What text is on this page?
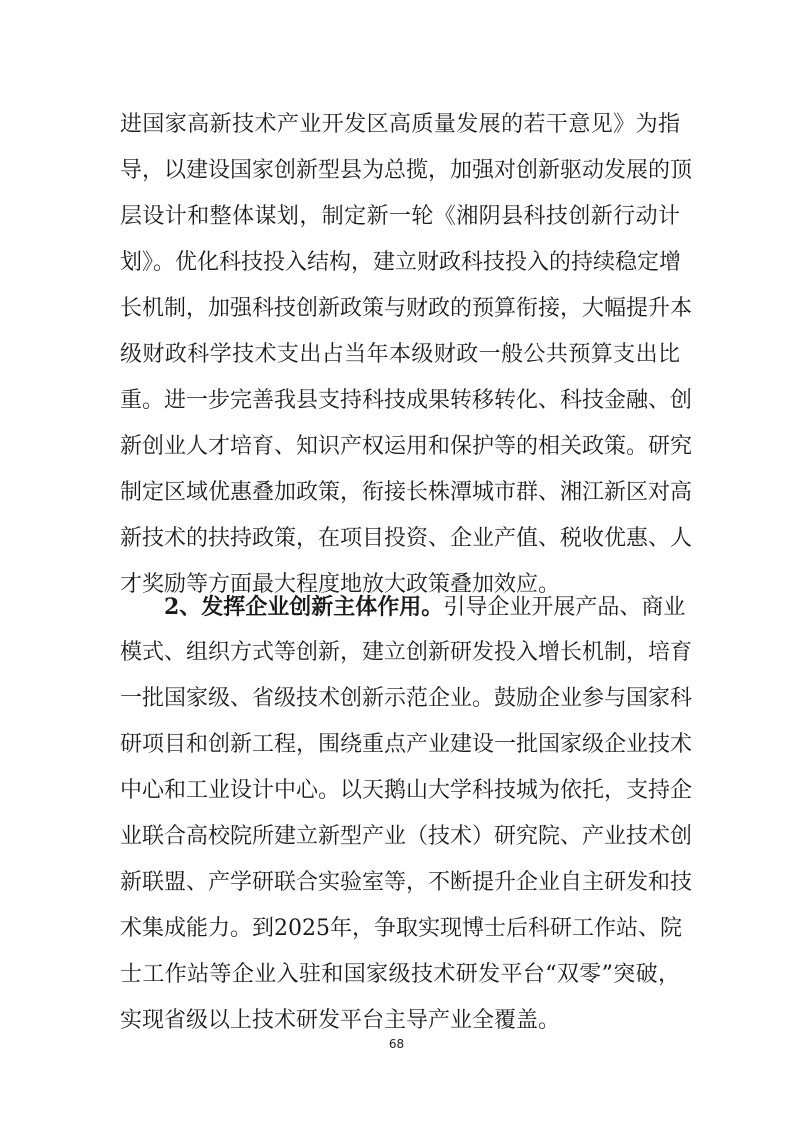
进国家高新技术产业开发区高质量发展的若干意见》为指
导，以建设国家创新型县为总揽，加强对创新驱动发展的顶
层设计和整体谋划，制定新一轮《湘阴县科技创新行动计
划》。优化科技投入结构，建立财政科技投入的持续稳定增
长机制，加强科技创新政策与财政的预算衔接，大幅提升本
级财政科学技术支出占当年本级财政一般公共预算支出比
重。进一步完善我县支持科技成果转移转化、科技金融、创
新创业人才培育、知识产权运用和保护等的相关政策。研究
制定区域优惠叠加政策，衔接长株潭城市群、湘江新区对高
新技术的扶持政策，在项目投资、企业产值、税收优惠、人
才奖励等方面最大程度地放大政策叠加效应。
2、发挥企业创新主体作用。引导企业开展产品、商业
模式、组织方式等创新，建立创新研发投入增长机制，培育
一批国家级、省级技术创新示范企业。鼓励企业参与国家科
研项目和创新工程，围绕重点产业建设一批国家级企业技术
中心和工业设计中心。以天鹅山大学科技城为依托，支持企
业联合高校院所建立新型产业（技术）研究院、产业技术创
新联盟、产学研联合实验室等，不断提升企业自主研发和技
术集成能力。到2025年，争取实现博士后科研工作站、院
士工作站等企业入驻和国家级技术研发平台“双零”突破，
实现省级以上技术研发平台主导产业全覆盖。
68
